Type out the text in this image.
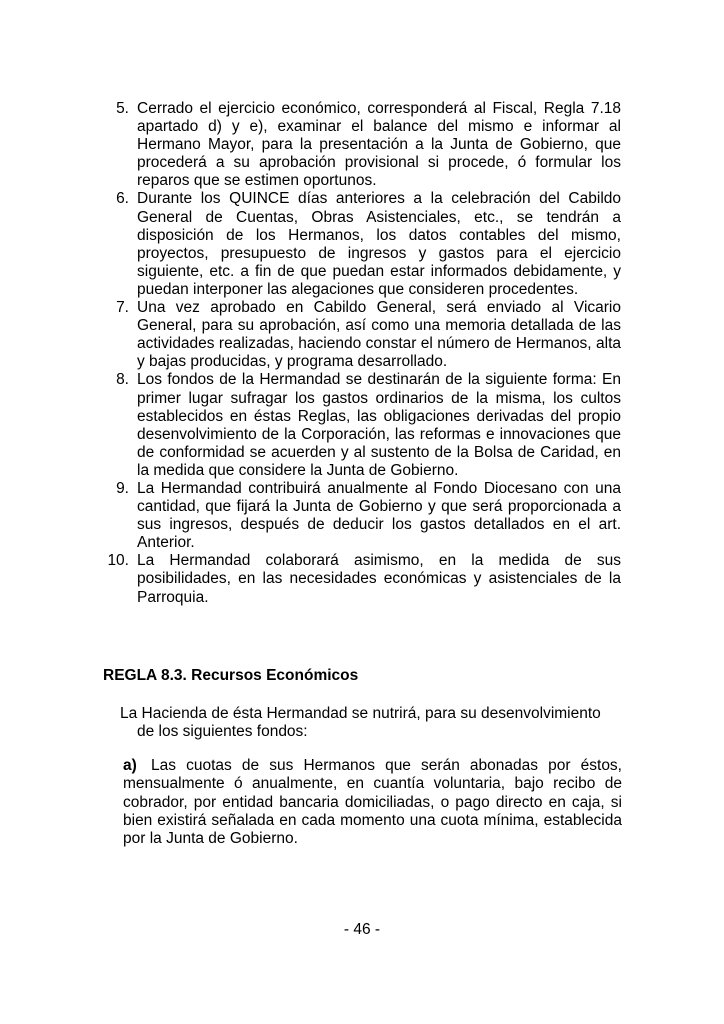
5. Cerrado el ejercicio económico, corresponderá al Fiscal, Regla 7.18 apartado d) y e), examinar el balance del mismo e informar al Hermano Mayor, para la presentación a la Junta de Gobierno, que procederá a su aprobación provisional si procede, ó formular los reparos que se estimen oportunos.
6. Durante los QUINCE días anteriores a la celebración del Cabildo General de Cuentas, Obras Asistenciales, etc., se tendrán a disposición de los Hermanos, los datos contables del mismo, proyectos, presupuesto de ingresos y gastos para el ejercicio siguiente, etc. a fin de que puedan estar informados debidamente, y puedan interponer las alegaciones que consideren procedentes.
7. Una vez aprobado en Cabildo General, será enviado al Vicario General, para su aprobación, así como una memoria detallada de las actividades realizadas, haciendo constar el número de Hermanos, alta y bajas producidas, y programa desarrollado.
8. Los fondos de la Hermandad se destinarán de la siguiente forma: En primer lugar sufragar los gastos ordinarios de la misma, los cultos establecidos en éstas Reglas, las obligaciones derivadas del propio desenvolvimiento de la Corporación, las reformas e innovaciones que de conformidad se acuerden y al sustento de la Bolsa de Caridad, en la medida que considere la Junta de Gobierno.
9. La Hermandad contribuirá anualmente al Fondo Diocesano con una cantidad, que fijará la Junta de Gobierno y que será proporcionada a sus ingresos, después de deducir los gastos detallados en el art. Anterior.
10. La Hermandad colaborará asimismo, en la medida de sus posibilidades, en las necesidades económicas y asistenciales de la Parroquia.
REGLA 8.3. Recursos Económicos
La Hacienda de ésta Hermandad se nutrirá, para su desenvolvimiento
de los siguientes fondos:
a) Las cuotas de sus Hermanos que serán abonadas por éstos, mensualmente ó anualmente, en cuantía voluntaria, bajo recibo de cobrador, por entidad bancaria domiciliadas, o pago directo en caja, si bien existirá señalada en cada momento una cuota mínima, establecida por la Junta de Gobierno.
- 46 -
